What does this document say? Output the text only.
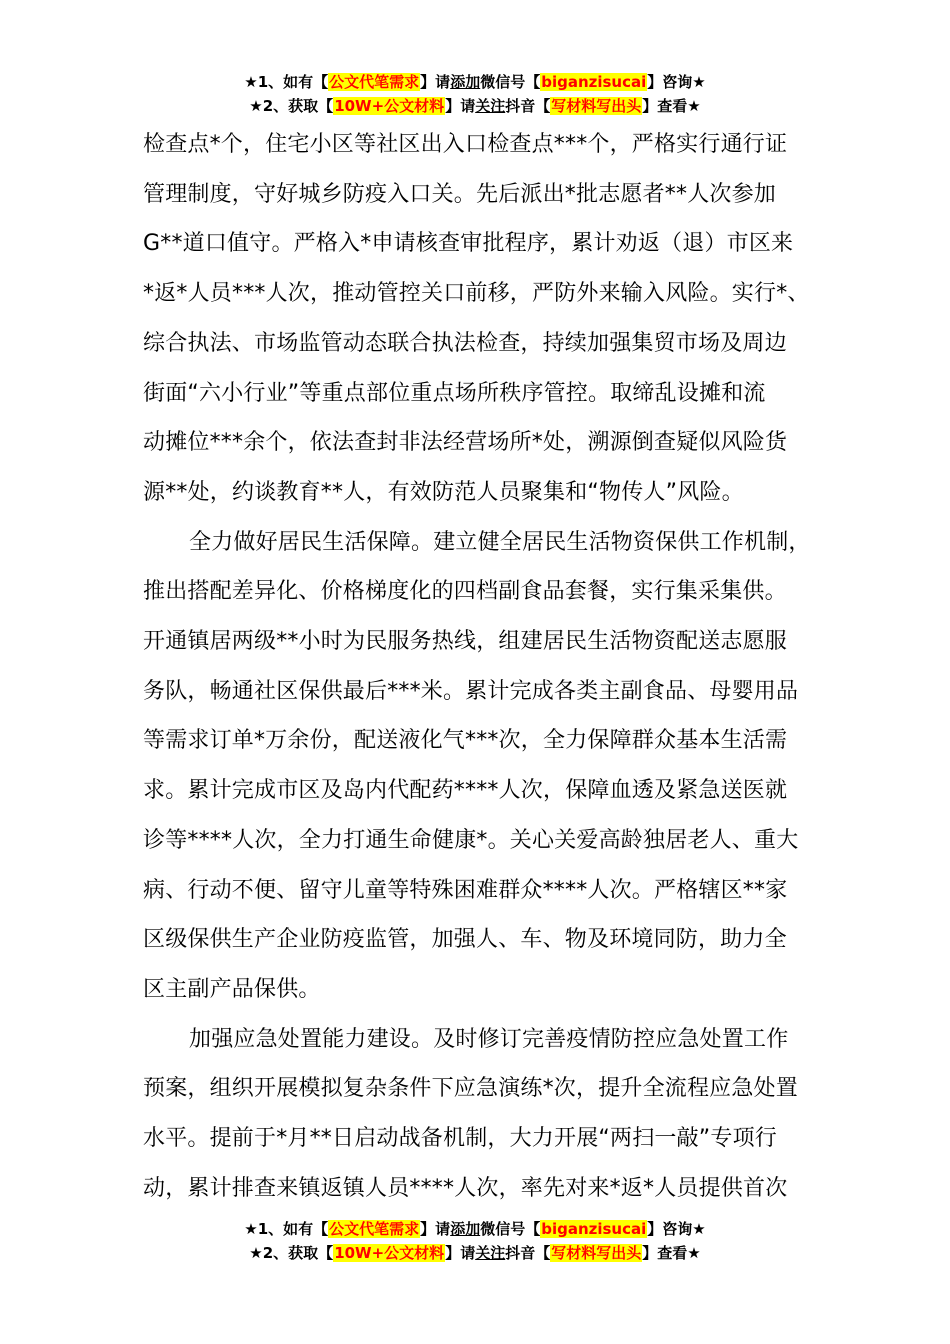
★1、如有【公文代笔需求】请添加微信号【biganzisucai】咨询★
★2、获取【10W+公文材料】请关注抖音【写材料写出头】查看★

检查点*个，住宅小区等社区出入口检查点***个，严格实行通行证
管理制度，守好城乡防疫入口关。先后派出*批志愿者**人次参加
G**道口值守。严格入*申请核查审批程序，累计劝返（退）市区来
*返*人员***人次，推动管控关口前移，严防外来输入风险。实行*、
综合执法、市场监管动态联合执法检查，持续加强集贸市场及周边
街面“六小行业”等重点部位重点场所秩序管控。取缔乱设摊和流
动摊位***余个，依法查封非法经营场所*处，溯源倒查疑似风险货
源**处，约谈教育**人，有效防范人员聚集和“物传人”风险。

全力做好居民生活保障。建立健全居民生活物资保供工作机制，
推出搭配差异化、价格梯度化的四档副食品套餐，实行集采集供。
开通镇居两级**小时为民服务热线，组建居民生活物资配送志愿服
务队，畅通社区保供最后***米。累计完成各类主副食品、母婴用品
等需求订单*万余份，配送液化气***次，全力保障群众基本生活需
求。累计完成市区及岛内代配药****人次，保障血透及紧急送医就
诊等****人次，全力打通生命健康*。关心关爱高龄独居老人、重大
病、行动不便、留守儿童等特殊困难群众****人次。严格辖区**家
区级保供生产企业防疫监管，加强人、车、物及环境同防，助力全
区主副产品保供。

加强应急处置能力建设。及时修订完善疫情防控应急处置工作
预案，组织开展模拟复杂条件下应急演练*次，提升全流程应急处置
水平。提前于*月**日启动战备机制，大力开展“两扫一敲”专项行
动，累计排查来镇返镇人员****人次，率先对来*返*人员提供首次

★1、如有【公文代笔需求】请添加微信号【biganzisucai】咨询★
★2、获取【10W+公文材料】请关注抖音【写材料写出头】查看★
